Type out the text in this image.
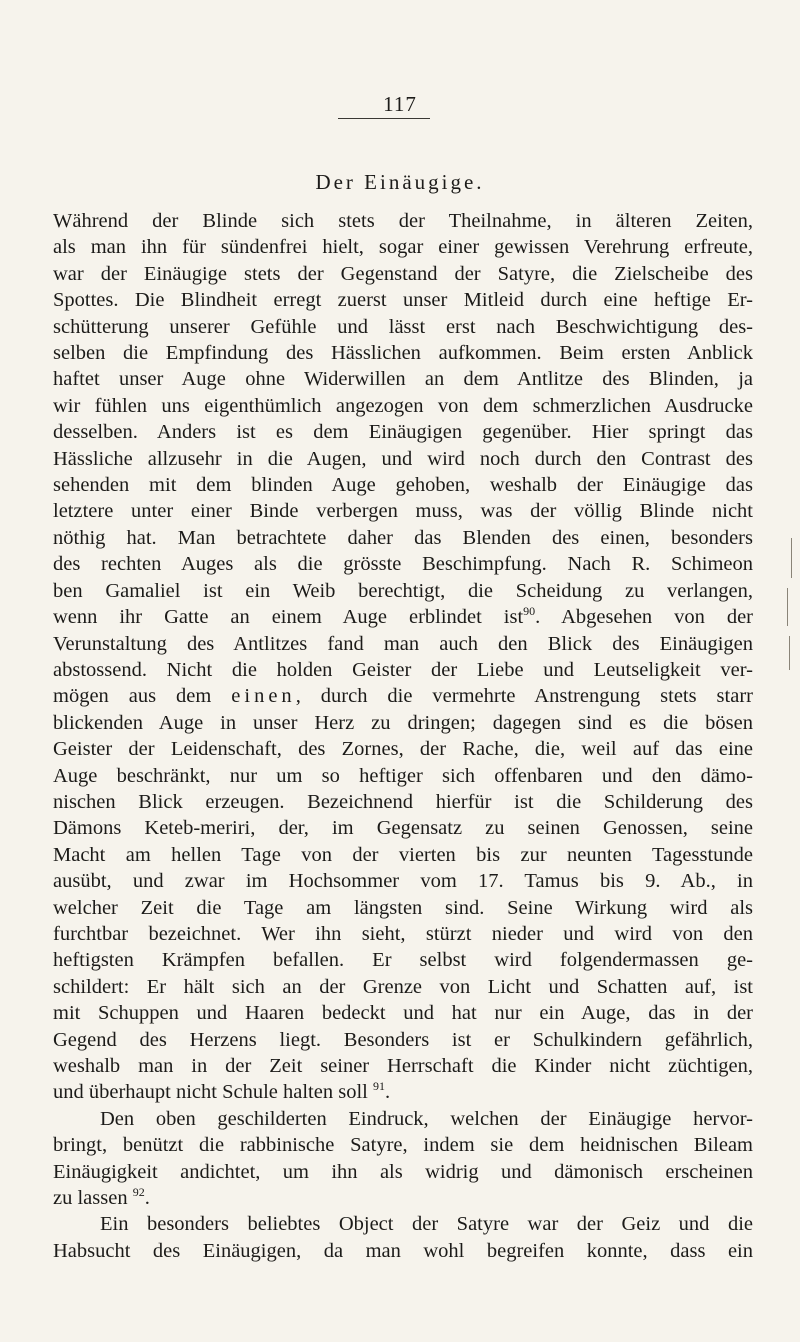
117
Der Einäugige.

Während der Blinde sich stets der Theilnahme, in älteren Zeiten,

als man ihn für sündenfrei hielt, sogar einer gewissen Verehrung erfreute,

war der Einäugige stets der Gegenstand der Satyre, die Zielscheibe des

Spottes. Die Blindheit erregt zuerst unser Mitleid durch eine heftige Er-

schütterung unserer Gefühle und lässt erst nach Beschwichtigung des-

selben die Empfindung des Hässlichen aufkommen. Beim ersten Anblick

haftet unser Auge ohne Widerwillen an dem Antlitze des Blinden, ja

wir fühlen uns eigenthümlich angezogen von dem schmerzlichen Ausdrucke

desselben. Anders ist es dem Einäugigen gegenüber. Hier springt das

Hässliche allzusehr in die Augen, und wird noch durch den Contrast des

sehenden mit dem blinden Auge gehoben, weshalb der Einäugige das

letztere unter einer Binde verbergen muss, was der völlig Blinde nicht

nöthig hat. Man betrachtete daher das Blenden des einen, besonders

des rechten Auges als die grösste Beschimpfung. Nach R. Schimeon

ben Gamaliel ist ein Weib berechtigt, die Scheidung zu verlangen,

wenn ihr Gatte an einem Auge erblindet ist$^{90}$. Abgesehen von der

Verunstaltung des Antlitzes fand man auch den Blick des Einäugigen

abstossend. Nicht die holden Geister der Liebe und Leutseligkeit ver-

mögen aus dem einen, durch die vermehrte Anstrengung stets starr

blickenden Auge in unser Herz zu dringen; dagegen sind es die bösen

Geister der Leidenschaft, des Zornes, der Rache, die, weil auf das eine

Auge beschränkt, nur um so heftiger sich offenbaren und den dämo-

nischen Blick erzeugen. Bezeichnend hierfür ist die Schilderung des

Dämons Keteb-meriri, der, im Gegensatz zu seinen Genossen, seine

Macht am hellen Tage von der vierten bis zur neunten Tagesstunde

ausübt, und zwar im Hochsommer vom 17. Tamus bis 9. Ab., in

welcher Zeit die Tage am längsten sind. Seine Wirkung wird als

furchtbar bezeichnet. Wer ihn sieht, stürzt nieder und wird von den

heftigsten Krämpfen befallen. Er selbst wird folgendermassen ge-

schildert: Er hält sich an der Grenze von Licht und Schatten auf, ist

mit Schuppen und Haaren bedeckt und hat nur ein Auge, das in der

Gegend des Herzens liegt. Besonders ist er Schulkindern gefährlich,

weshalb man in der Zeit seiner Herrschaft die Kinder nicht züchtigen,

und überhaupt nicht Schule halten soll $^{91}$.

Den oben geschilderten Eindruck, welchen der Einäugige hervor-

bringt, benützt die rabbinische Satyre, indem sie dem heidnischen Bileam

Einäugigkeit andichtet, um ihn als widrig und dämonisch erscheinen

zu lassen $^{92}$.

Ein besonders beliebtes Object der Satyre war der Geiz und die

Habsucht des Einäugigen, da man wohl begreifen konnte, dass ein
